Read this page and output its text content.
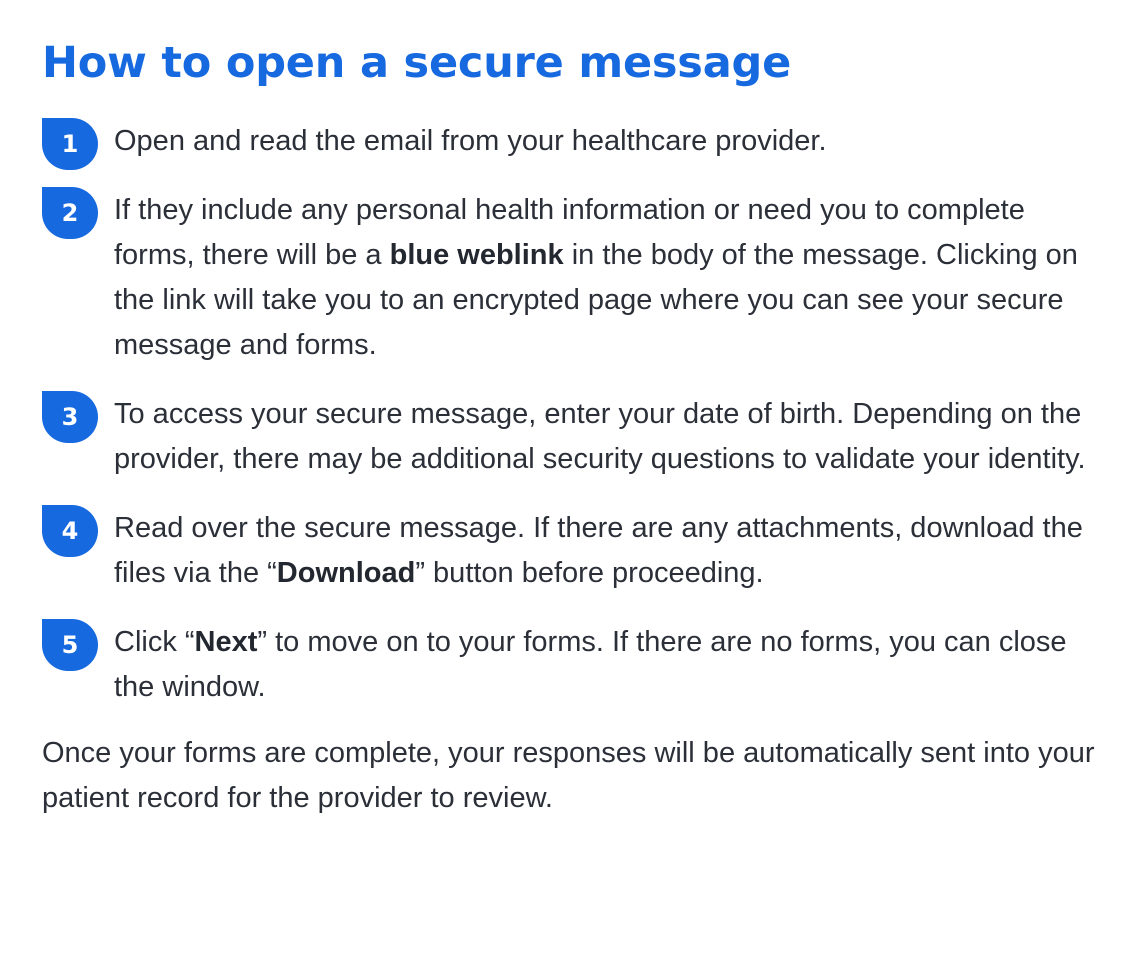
How to open a secure message
1	Open and read the email from your healthcare provider.
2	If they include any personal health information or need you to complete forms, there will be a blue weblink in the body of the message. Clicking on the link will take you to an encrypted page where you can see your secure message and forms.
3	To access your secure message, enter your date of birth. Depending on the provider, there may be additional security questions to validate your identity.
4	Read over the secure message. If there are any attachments, download the files via the “Download” button before proceeding.
5	Click “Next” to move on to your forms. If there are no forms, you can close the window.

Once your forms are complete, your responses will be automatically sent into your patient record for the provider to review.
